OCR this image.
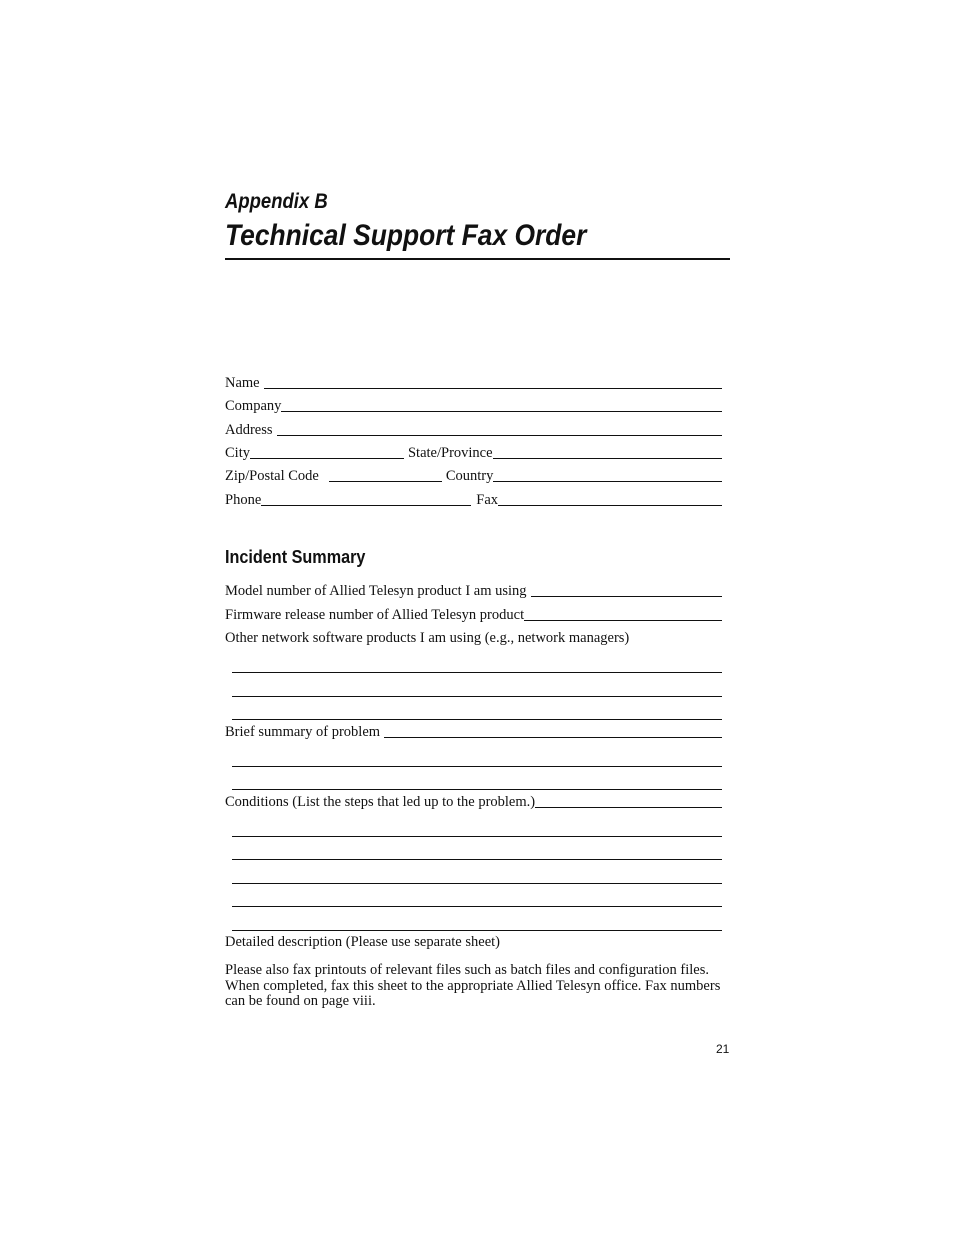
Appendix B
Technical Support Fax Order
Name
Company
Address
City	State/Province
Zip/Postal Code	Country
Phone	Fax
Incident Summary
Model number of Allied Telesyn product I am using
Firmware release number of Allied Telesyn product
Other network software products I am using (e.g., network managers)
Brief summary of problem
Conditions (List the steps that led up to the problem.)
Detailed description (Please use separate sheet)
Please also fax printouts of relevant files such as batch files and configuration files. When completed, fax this sheet to the appropriate Allied Telesyn office. Fax numbers can be found on page viii.
21
